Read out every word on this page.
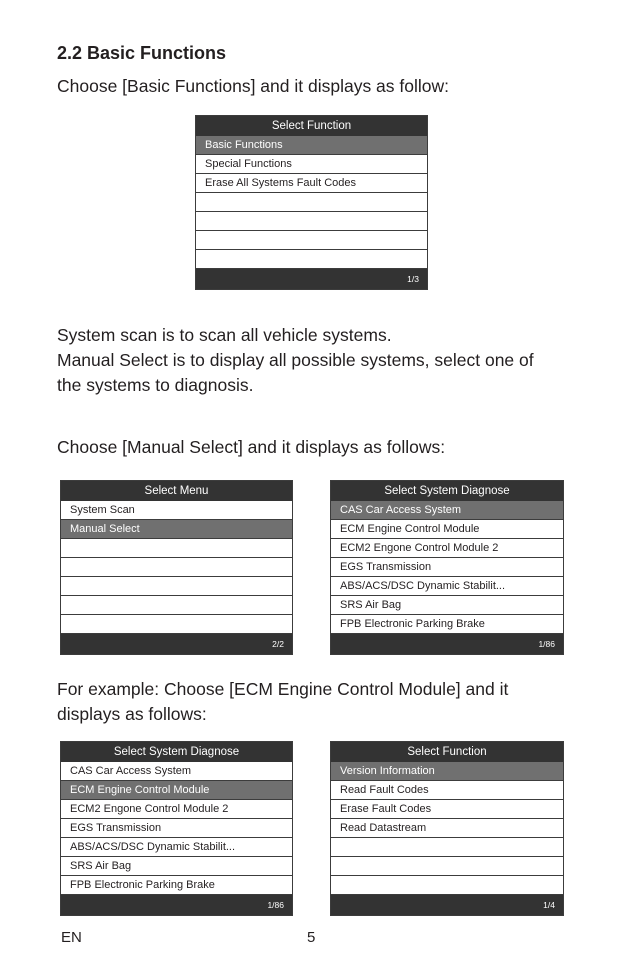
2.2 Basic Functions

Choose [Basic Functions] and it displays as follow:

Select Function
Basic Functions
Special Functions
Erase All Systems Fault Codes
1/3

System scan is to scan all vehicle systems.

Manual Select is to display all possible systems, select one of the systems to diagnosis.

Choose [Manual Select] and it displays as follows:

Select Menu
System Scan
Manual Select
2/2
Select System Diagnose
CAS Car Access System
ECM Engine Control Module
ECM2 Engone Control Module 2
EGS Transmission
ABS/ACS/DSC Dynamic Stabilit...
SRS Air Bag
FPB Electronic Parking Brake
1/86

For example: Choose [ECM Engine Control Module] and it displays as follows:

Select System Diagnose
CAS Car Access System
ECM Engine Control Module
ECM2 Engone Control Module 2
EGS Transmission
ABS/ACS/DSC Dynamic Stabilit...
SRS Air Bag
FPB Electronic Parking Brake
1/86
Select Function
Version Information
Read Fault Codes
Erase Fault Codes
Read Datastream
1/4
EN	5
